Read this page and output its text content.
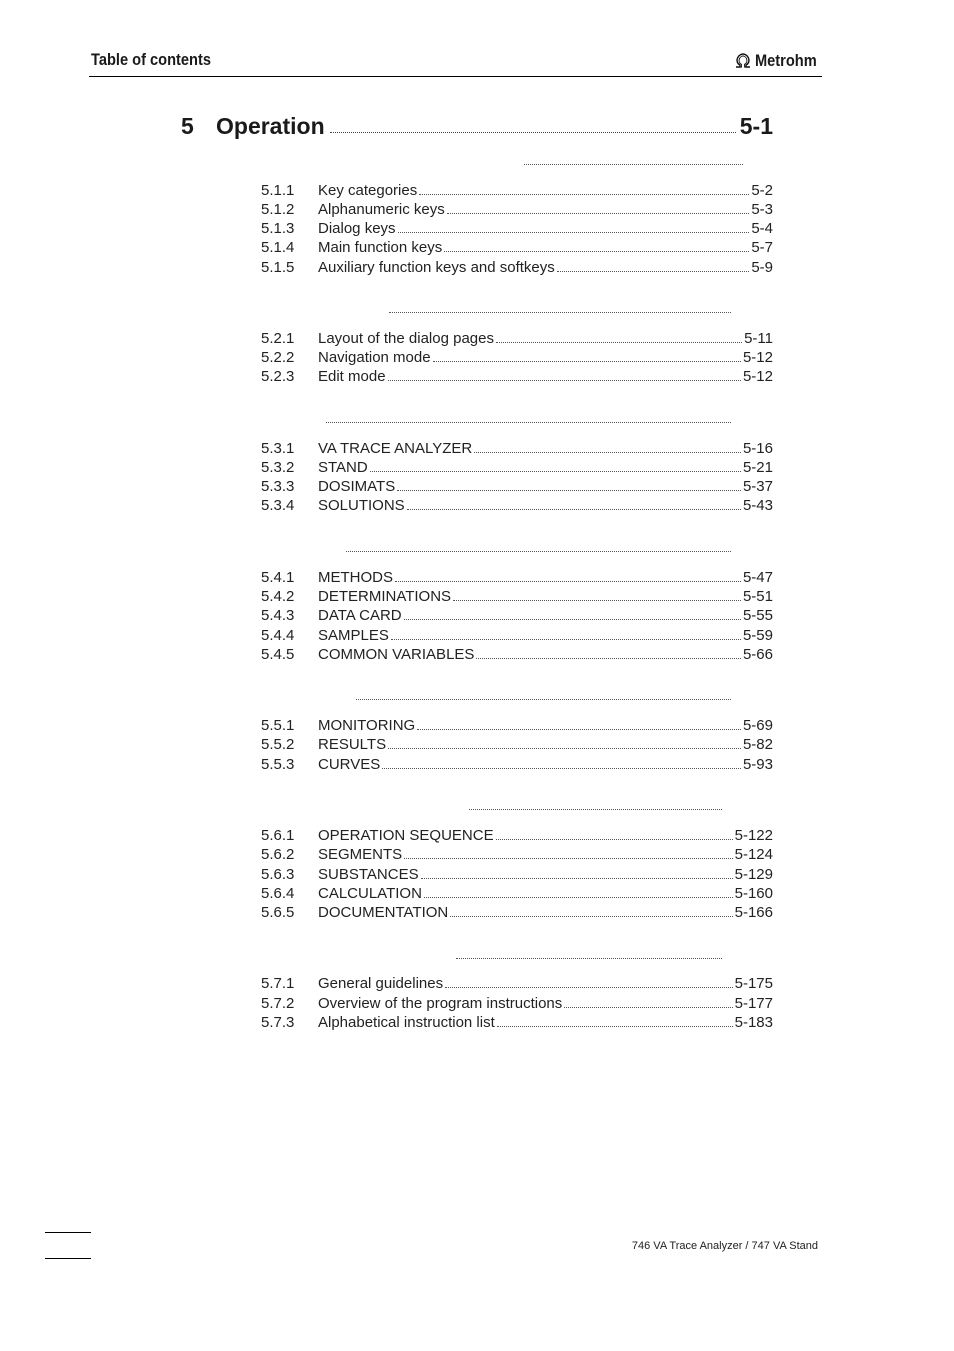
Table of contents	Metrohm
5 Operation	5-1
5.1.1	Key categories	5-2
5.1.2	Alphanumeric keys	5-3
5.1.3	Dialog keys	5-4
5.1.4	Main function keys	5-7
5.1.5	Auxiliary function keys and softkeys	5-9
5.2.1	Layout of the dialog pages	5-11
5.2.2	Navigation mode	5-12
5.2.3	Edit mode	5-12
5.3.1	VA TRACE ANALYZER	5-16
5.3.2	STAND	5-21
5.3.3	DOSIMATS	5-37
5.3.4	SOLUTIONS	5-43
5.4.1	METHODS	5-47
5.4.2	DETERMINATIONS	5-51
5.4.3	DATA CARD	5-55
5.4.4	SAMPLES	5-59
5.4.5	COMMON VARIABLES	5-66
5.5.1	MONITORING	5-69
5.5.2	RESULTS	5-82
5.5.3	CURVES	5-93
5.6.1	OPERATION SEQUENCE	5-122
5.6.2	SEGMENTS	5-124
5.6.3	SUBSTANCES	5-129
5.6.4	CALCULATION	5-160
5.6.5	DOCUMENTATION	5-166
5.7.1	General guidelines	5-175
5.7.2	Overview of the program instructions	5-177
5.7.3	Alphabetical instruction list	5-183
746 VA Trace Analyzer / 747 VA Stand
